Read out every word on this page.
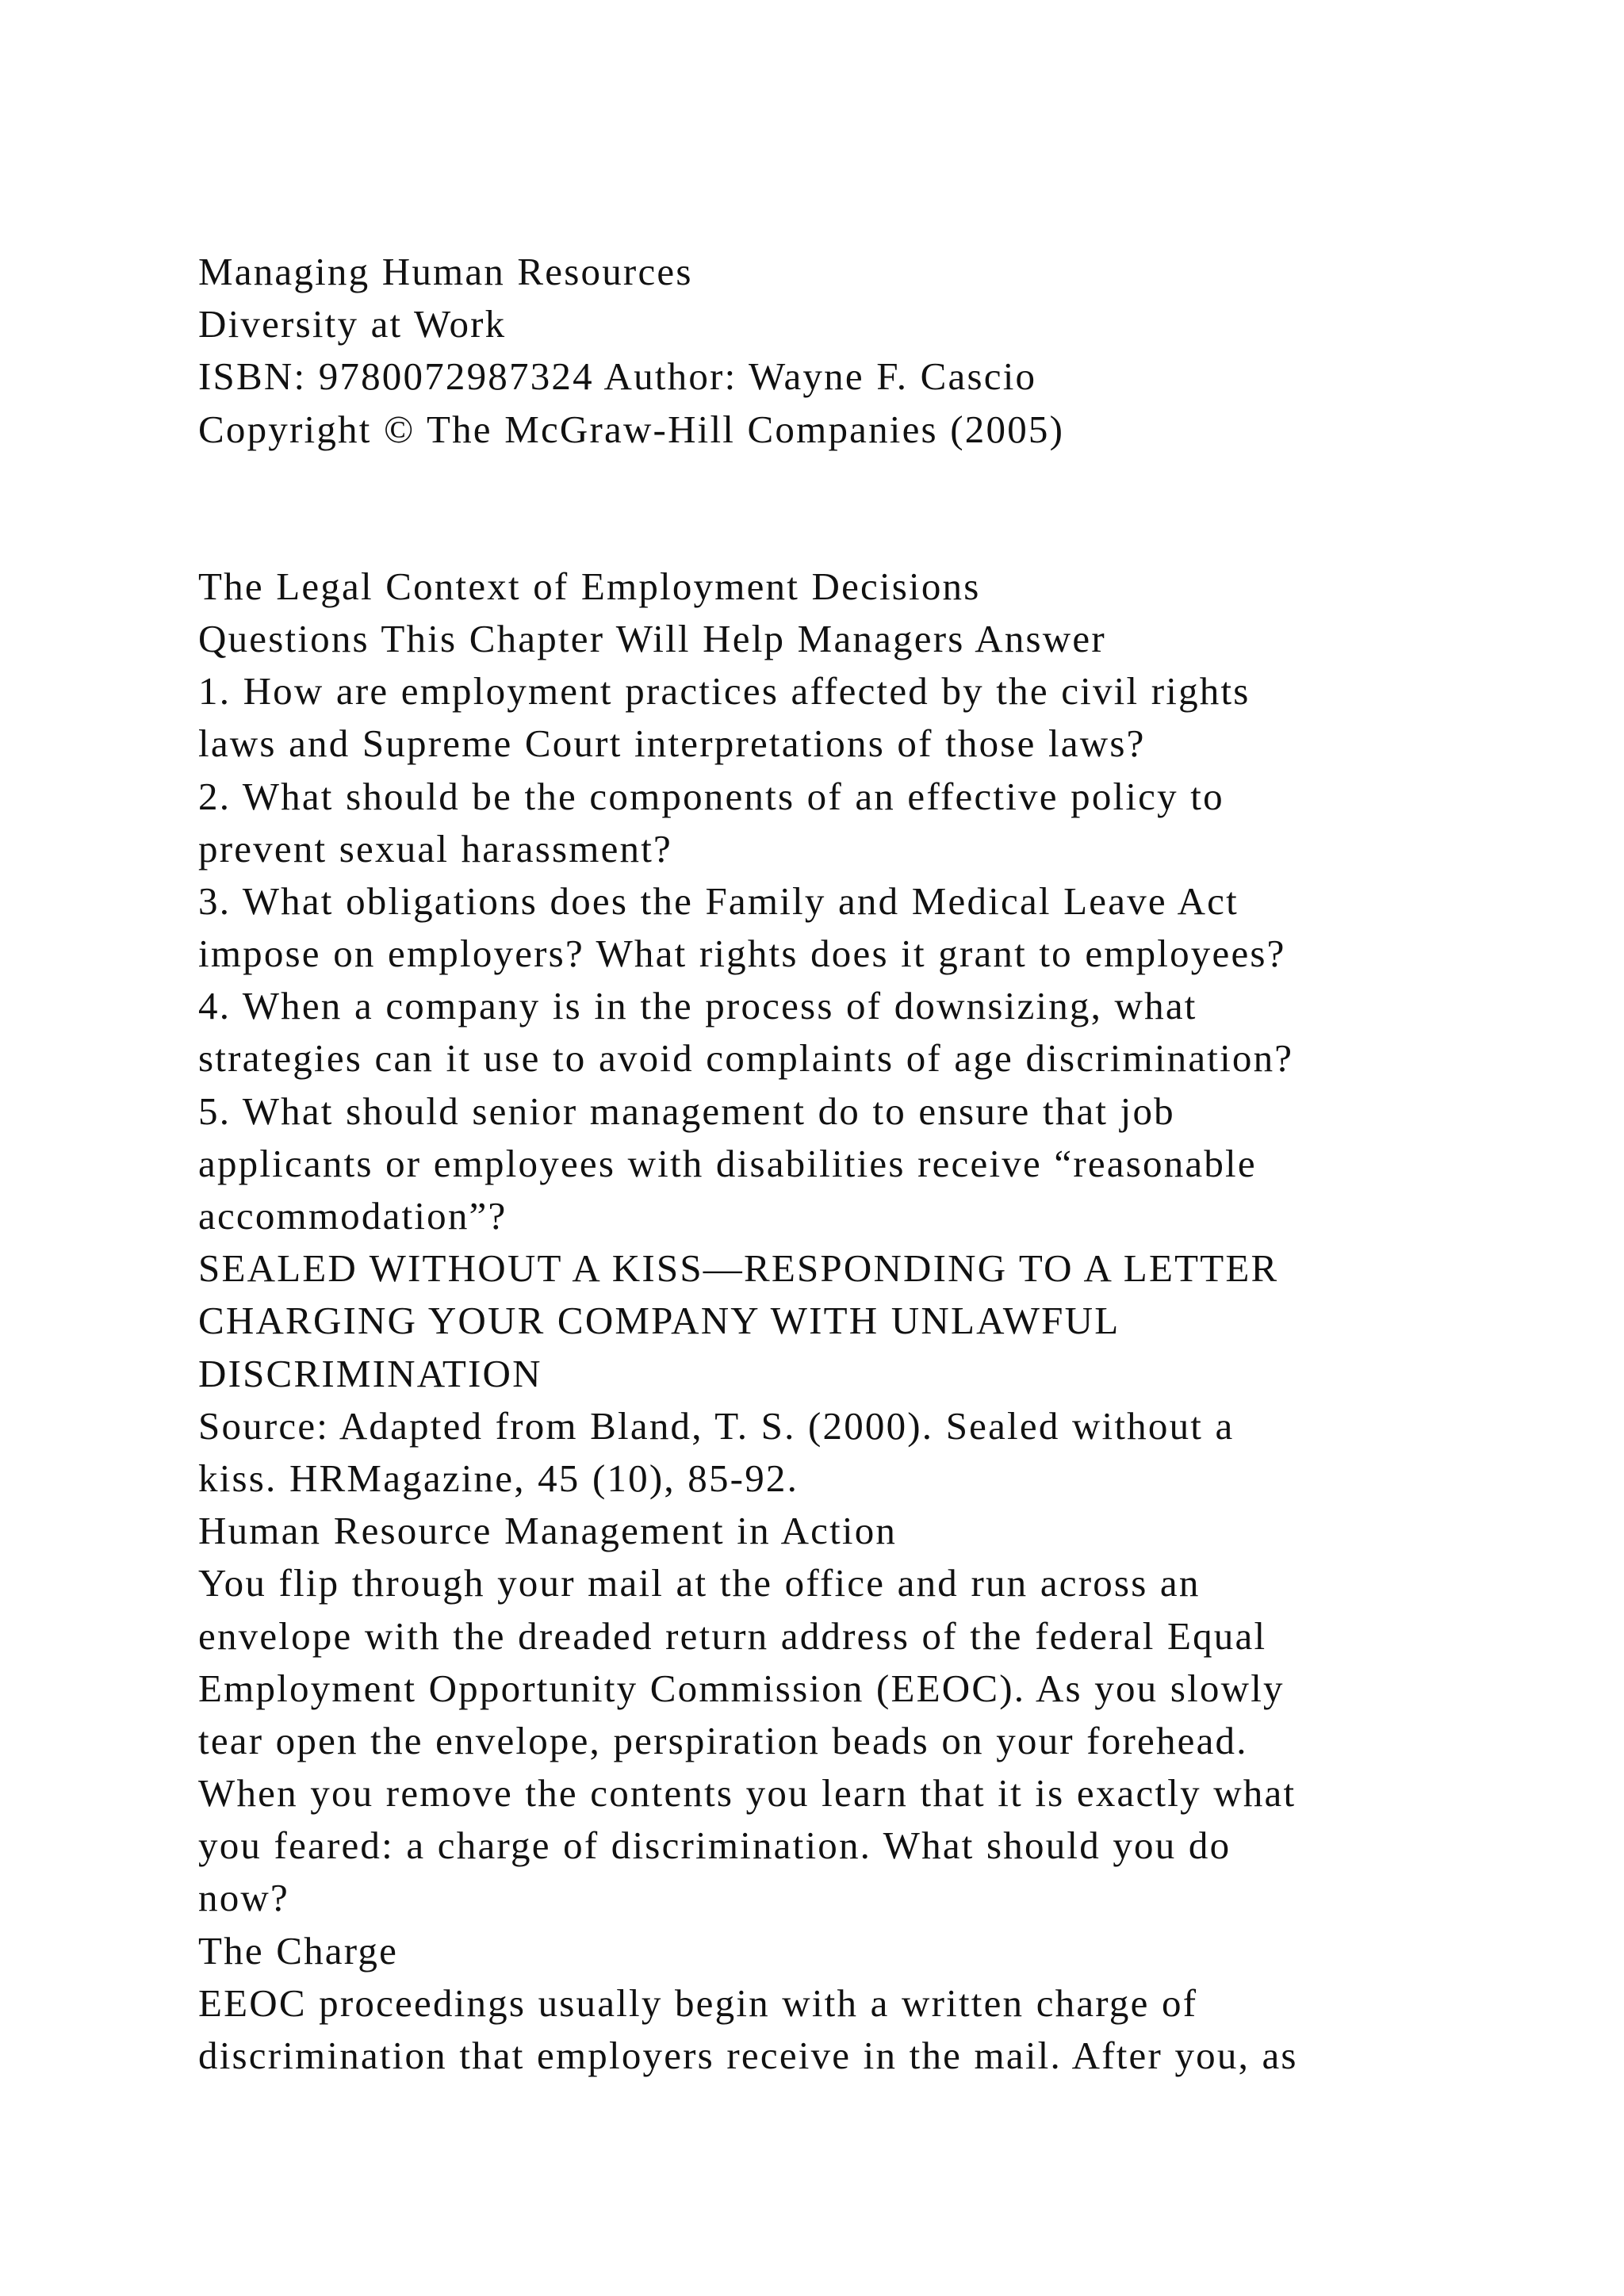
Managing Human Resources
Diversity at Work
ISBN: 9780072987324 Author: Wayne F. Cascio
Copyright © The McGraw-Hill Companies (2005)
The Legal Context of Employment Decisions
Questions This Chapter Will Help Managers Answer
1. How are employment practices affected by the civil rights
laws and Supreme Court interpretations of those laws?
2. What should be the components of an effective policy to
prevent sexual harassment?
3. What obligations does the Family and Medical Leave Act
impose on employers? What rights does it grant to employees?
4. When a company is in the process of downsizing, what
strategies can it use to avoid complaints of age discrimination?
5. What should senior management do to ensure that job
applicants or employees with disabilities receive “reasonable
accommodation”?
SEALED WITHOUT A KISS—RESPONDING TO A LETTER
CHARGING YOUR COMPANY WITH UNLAWFUL
DISCRIMINATION
Source: Adapted from Bland, T. S. (2000). Sealed without a
kiss. HRMagazine, 45 (10), 85-92.
Human Resource Management in Action
You flip through your mail at the office and run across an
envelope with the dreaded return address of the federal Equal
Employment Opportunity Commission (EEOC). As you slowly
tear open the envelope, perspiration beads on your forehead.
When you remove the contents you learn that it is exactly what
you feared: a charge of discrimination. What should you do
now?
The Charge
EEOC proceedings usually begin with a written charge of
discrimination that employers receive in the mail. After you, as
